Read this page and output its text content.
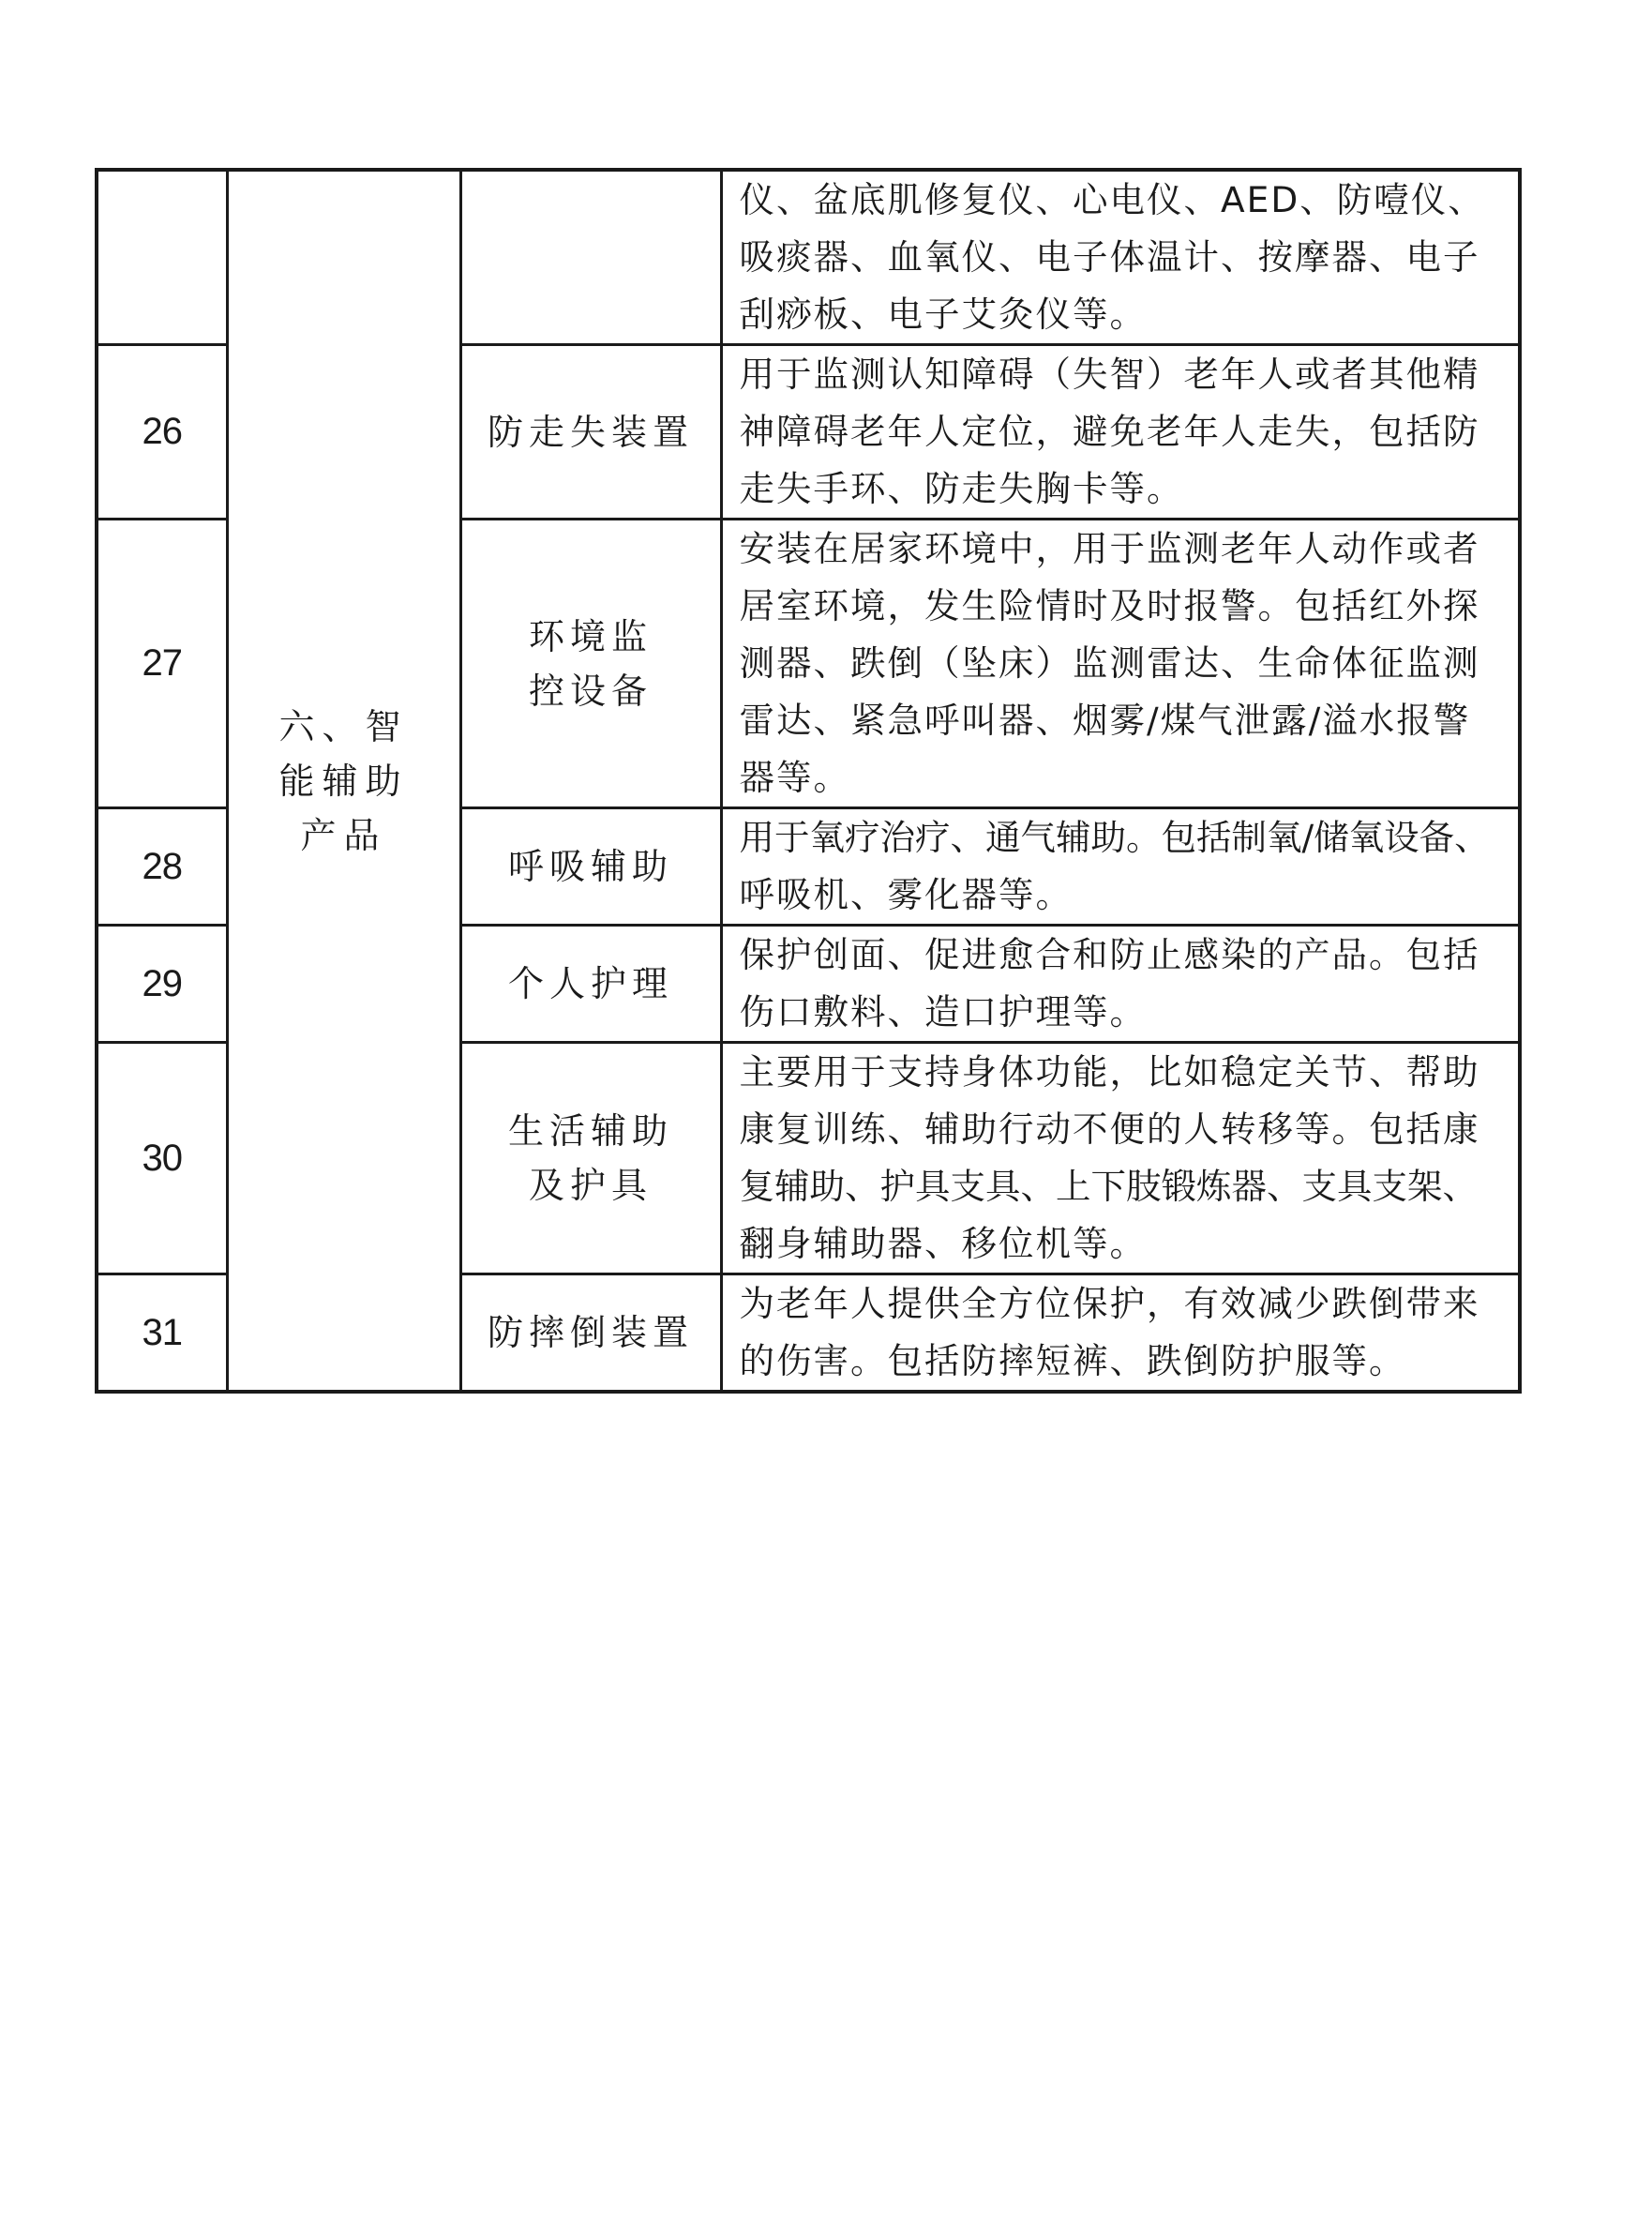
	六、智能辅助产品		仪、盆底肌修复仪、心电仪、AED、防噎仪、
吸痰器、血氧仪、电子体温计、按摩器、电子
刮痧板、电子艾灸仪等。

26		防走失装置	用于监测认知障碍（失智）老年人或者其他精
神障碍老年人定位，避免老年人走失，包括防
走失手环、防走失胸卡等。

27		环境监控设备	安装在居家环境中，用于监测老年人动作或者
居室环境，发生险情时及时报警。包括红外探
测器、跌倒（坠床）监测雷达、生命体征监测
雷达、紧急呼叫器、烟雾/煤气泄露/溢水报警
器等。

28		呼吸辅助	用于氧疗治疗、通气辅助。包括制氧/储氧设备、
呼吸机、雾化器等。

29		个人护理	保护创面、促进愈合和防止感染的产品。包括
伤口敷料、造口护理等。

30		生活辅助及护具	主要用于支持身体功能，比如稳定关节、帮助
康复训练、辅助行动不便的人转移等。包括康
复辅助、护具支具、上下肢锻炼器、支具支架、
翻身辅助器、移位机等。

31		防摔倒装置	为老年人提供全方位保护，有效减少跌倒带来
的伤害。包括防摔短裤、跌倒防护服等。
